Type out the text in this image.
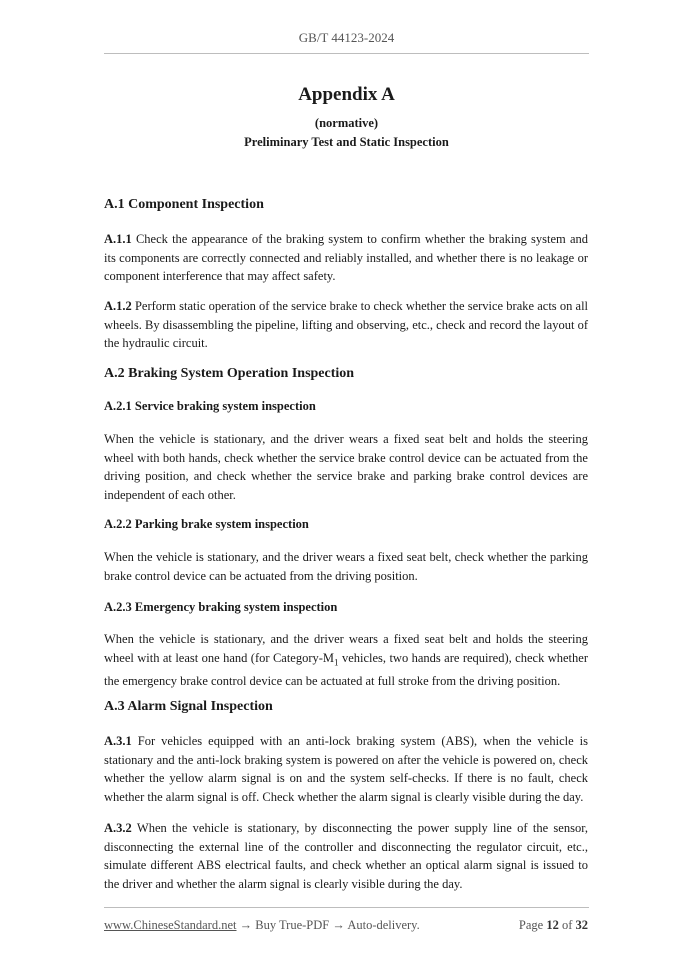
GB/T 44123-2024
Appendix A
(normative)
Preliminary Test and Static Inspection
A.1 Component Inspection

A.1.1 Check the appearance of the braking system to confirm whether the braking system and its components are correctly connected and reliably installed, and whether there is no leakage or component interference that may affect safety.

A.1.2 Perform static operation of the service brake to check whether the service brake acts on all wheels. By disassembling the pipeline, lifting and observing, etc., check and record the layout of the hydraulic circuit.

A.2 Braking System Operation Inspection
A.2.1 Service braking system inspection

When the vehicle is stationary, and the driver wears a fixed seat belt and holds the steering wheel with both hands, check whether the service brake control device can be actuated from the driving position, and check whether the service brake and parking brake control devices are independent of each other.

A.2.2 Parking brake system inspection

When the vehicle is stationary, and the driver wears a fixed seat belt, check whether the parking brake control device can be actuated from the driving position.

A.2.3 Emergency braking system inspection

When the vehicle is stationary, and the driver wears a fixed seat belt and holds the steering wheel with at least one hand (for Category-$M_1$ vehicles, two hands are required), check whether the emergency brake control device can be actuated at full stroke from the driving position.

A.3 Alarm Signal Inspection

A.3.1 For vehicles equipped with an anti-lock braking system (ABS), when the vehicle is stationary and the anti-lock braking system is powered on after the vehicle is powered on, check whether the yellow alarm signal is on and the system self-checks. If there is no fault, check whether the alarm signal is off. Check whether the alarm signal is clearly visible during the day.

A.3.2 When the vehicle is stationary, by disconnecting the power supply line of the sensor, disconnecting the external line of the controller and disconnecting the regulator circuit, etc., simulate different ABS electrical faults, and check whether an optical alarm signal is issued to the driver and whether the alarm signal is clearly visible during the day.

www.ChineseStandard.net → Buy True-PDF → Auto-delivery.	Page 12 of 32
